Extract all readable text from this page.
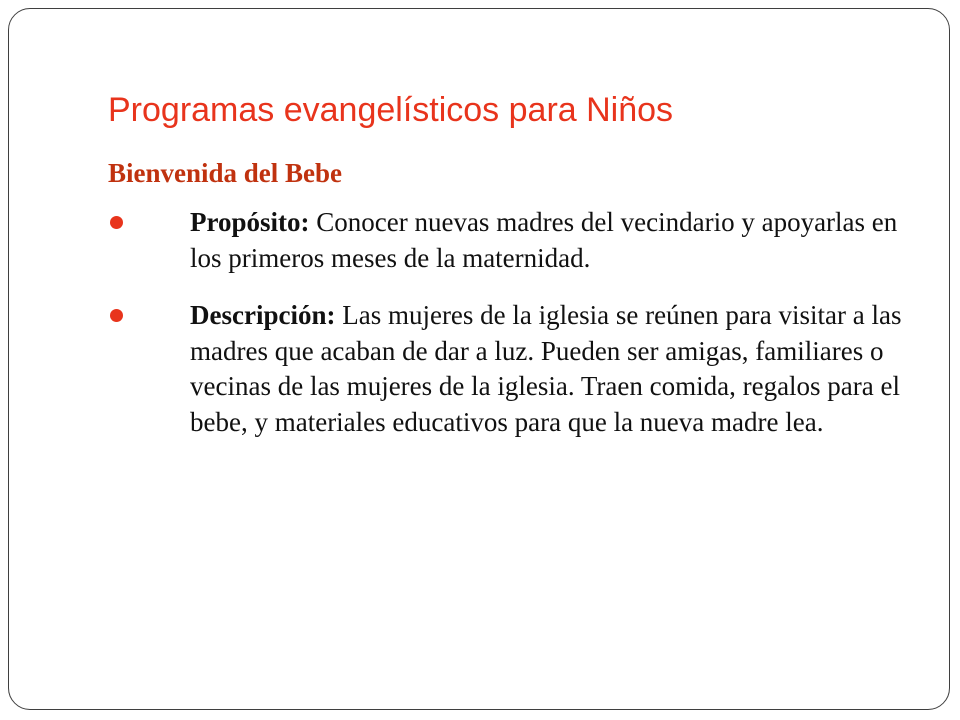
Programas evangelísticos para Niños
Bienvenida del Bebe
Propósito: Conocer nuevas madres del vecindario y apoyarlas en los primeros meses de la maternidad.
Descripción: Las mujeres de la iglesia se reúnen para visitar a las madres que acaban de dar a luz. Pueden ser amigas, familiares o vecinas de las mujeres de la iglesia. Traen comida, regalos para el bebe, y materiales educativos para que la nueva madre lea.
